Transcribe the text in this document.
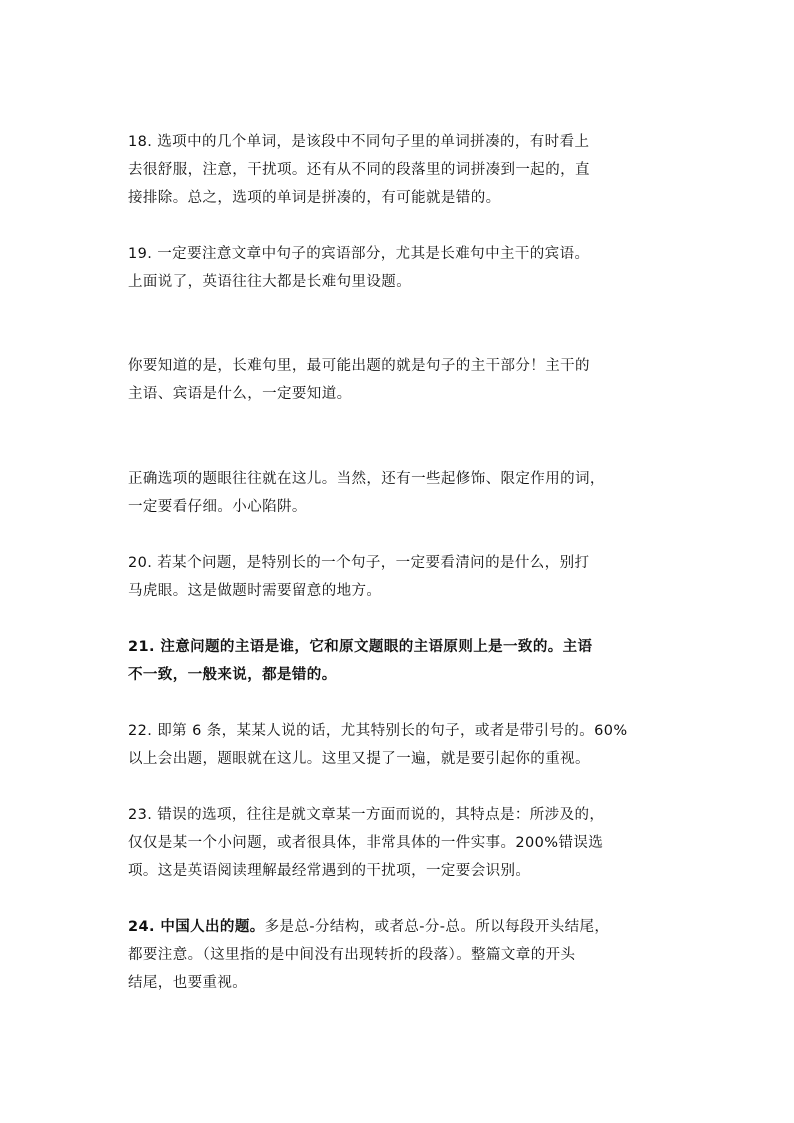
18. 选项中的几个单词，是该段中不同句子里的单词拼凑的，有时看上
去很舒服，注意，干扰项。还有从不同的段落里的词拼凑到一起的，直
接排除。总之，选项的单词是拼凑的，有可能就是错的。
19. 一定要注意文章中句子的宾语部分，尤其是长难句中主干的宾语。
上面说了，英语往往大都是长难句里设题。
你要知道的是，长难句里，最可能出题的就是句子的主干部分！主干的
主语、宾语是什么，一定要知道。
正确选项的题眼往往就在这儿。当然，还有一些起修饰、限定作用的词，
一定要看仔细。小心陷阱。
20. 若某个问题，是特别长的一个句子，一定要看清问的是什么，别打
马虎眼。这是做题时需要留意的地方。
21. 注意问题的主语是谁，它和原文题眼的主语原则上是一致的。主语
不一致，一般来说，都是错的。
22. 即第 6 条，某某人说的话，尤其特别长的句子，或者是带引号的。60%
以上会出题，题眼就在这儿。这里又提了一遍，就是要引起你的重视。
23. 错误的选项，往往是就文章某一方面而说的，其特点是：所涉及的，
仅仅是某一个小问题，或者很具体，非常具体的一件实事。200%错误选
项。这是英语阅读理解最经常遇到的干扰项，一定要会识别。
24. 中国人出的题。多是总-分结构，或者总-分-总。所以每段开头结尾，
都要注意。（这里指的是中间没有出现转折的段落）。整篇文章的开头
结尾，也要重视。
